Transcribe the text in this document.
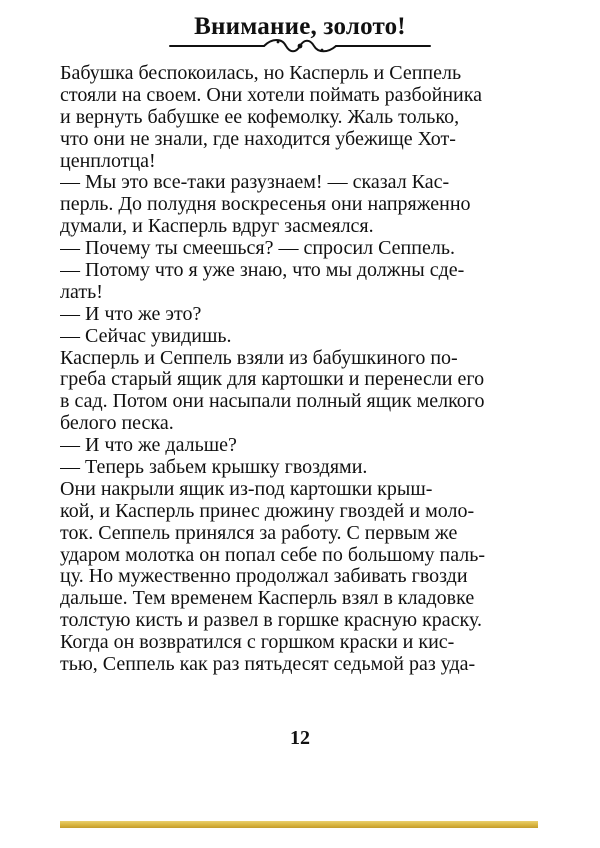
Внимание, золото!
Бабушка беспокоилась, но Касперль и Сеппель
стояли на своем. Они хотели поймать разбойника
и вернуть бабушке ее кофемолку. Жаль только,
что они не знали, где находится убежище Хот-
ценплотца!
— Мы это все-таки разузнаем! — сказал Кас-
перль. До полудня воскресенья они напряженно
думали, и Касперль вдруг засмеялся.
— Почему ты смеешься? — спросил Сеппель.
— Потому что я уже знаю, что мы должны сде-
лать!
— И что же это?
— Сейчас увидишь.
Касперль и Сеппель взяли из бабушкиного по-
греба старый ящик для картошки и перенесли его
в сад. Потом они насыпали полный ящик мелкого
белого песка.
— И что же дальше?
— Теперь забьем крышку гвоздями.
Они накрыли ящик из-под картошки крыш-
кой, и Касперль принес дюжину гвоздей и моло-
ток. Сеппель принялся за работу. С первым же
ударом молотка он попал себе по большому паль-
цу. Но мужественно продолжал забивать гвозди
дальше. Тем временем Касперль взял в кладовке
толстую кисть и развел в горшке красную краску.
Когда он возвратился с горшком краски и кис-
тью, Сеппель как раз пятьдесят седьмой раз уда-
12
